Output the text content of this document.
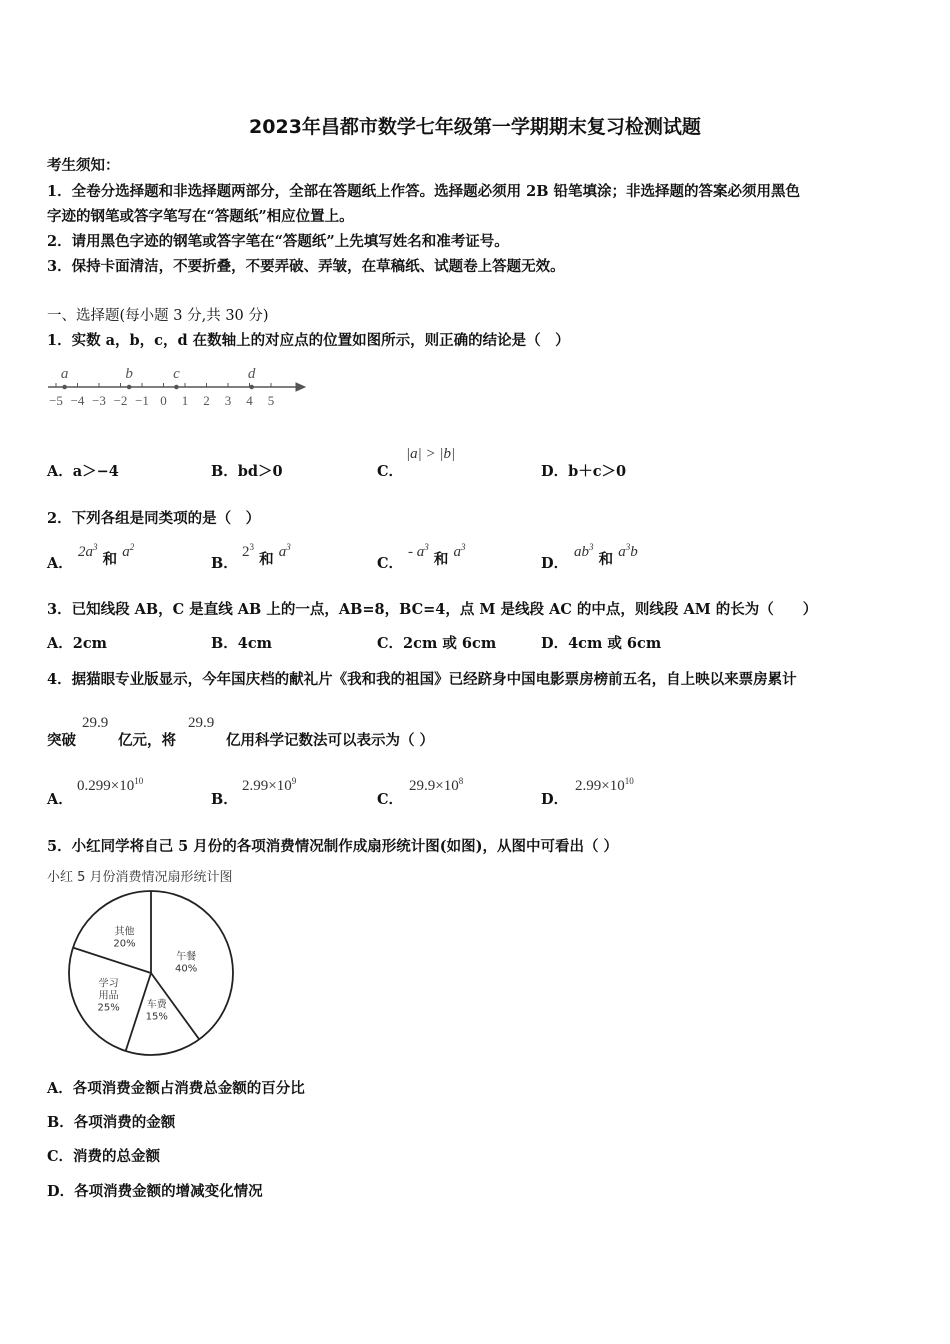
2023年昌都市数学七年级第一学期期末复习检测试题
考生须知：
1．全卷分选择题和非选择题两部分，全部在答题纸上作答。选择题必须用 2B 铅笔填涂；非选择题的答案必须用黑色
字迹的钢笔或答字笔写在“答题纸”相应位置上。
2．请用黑色字迹的钢笔或答字笔在“答题纸”上先填写姓名和准考证号。
3．保持卡面清洁，不要折叠，不要弄破、弄皱，在草稿纸、试题卷上答题无效。
一、选择题(每小题 3 分,共 30 分)
1．实数 a，b，c，d 在数轴上的对应点的位置如图所示，则正确的结论是（　）
−5 −4 −3 −2 −1 0 1 2 3 4 5
a	b	c	d
A．a＞−4	B．bd＞0	C．
|a| > |b|
D．b＋c＞0
2．下列各组是同类项的是（　）
A．
$2a^3$ 和 $a^2$
B．
$2^3$ 和 $a^3$
C．
- $a^3$ 和 $a^3$
D．
$ab^3$ 和 $a^3b$
3．已知线段 AB，C 是直线 AB 上的一点，AB=8，BC=4，点 M 是线段 AC 的中点，则线段 AM 的长为（　　）
A．2cm	B．4cm	C．2cm 或 6cm	D．4cm 或 6cm
4．据猫眼专业版显示，今年国庆档的献礼片《我和我的祖国》已经跻身中国电影票房榜前五名，自上映以来票房累计
突破
29.9
亿元，将
29.9
亿用科学记数法可以表示为（ ）
A．
$0.299\times 10^{10}$
B．
$2.99\times 10^9$
C．
$29.9\times 10^8$
D．
$2.99\times 10^{10}$
5．小红同学将自己 5 月份的各项消费情况制作成扇形统计图(如图)，从图中可看出（ ）
小红 5 月份消费情况扇形统计图
午餐
40%
车费
15%
学习
用品
25%
其他
20%
A．各项消费金额占消费总金额的百分比
B．各项消费的金额
C．消费的总金额
D．各项消费金额的增减变化情况
